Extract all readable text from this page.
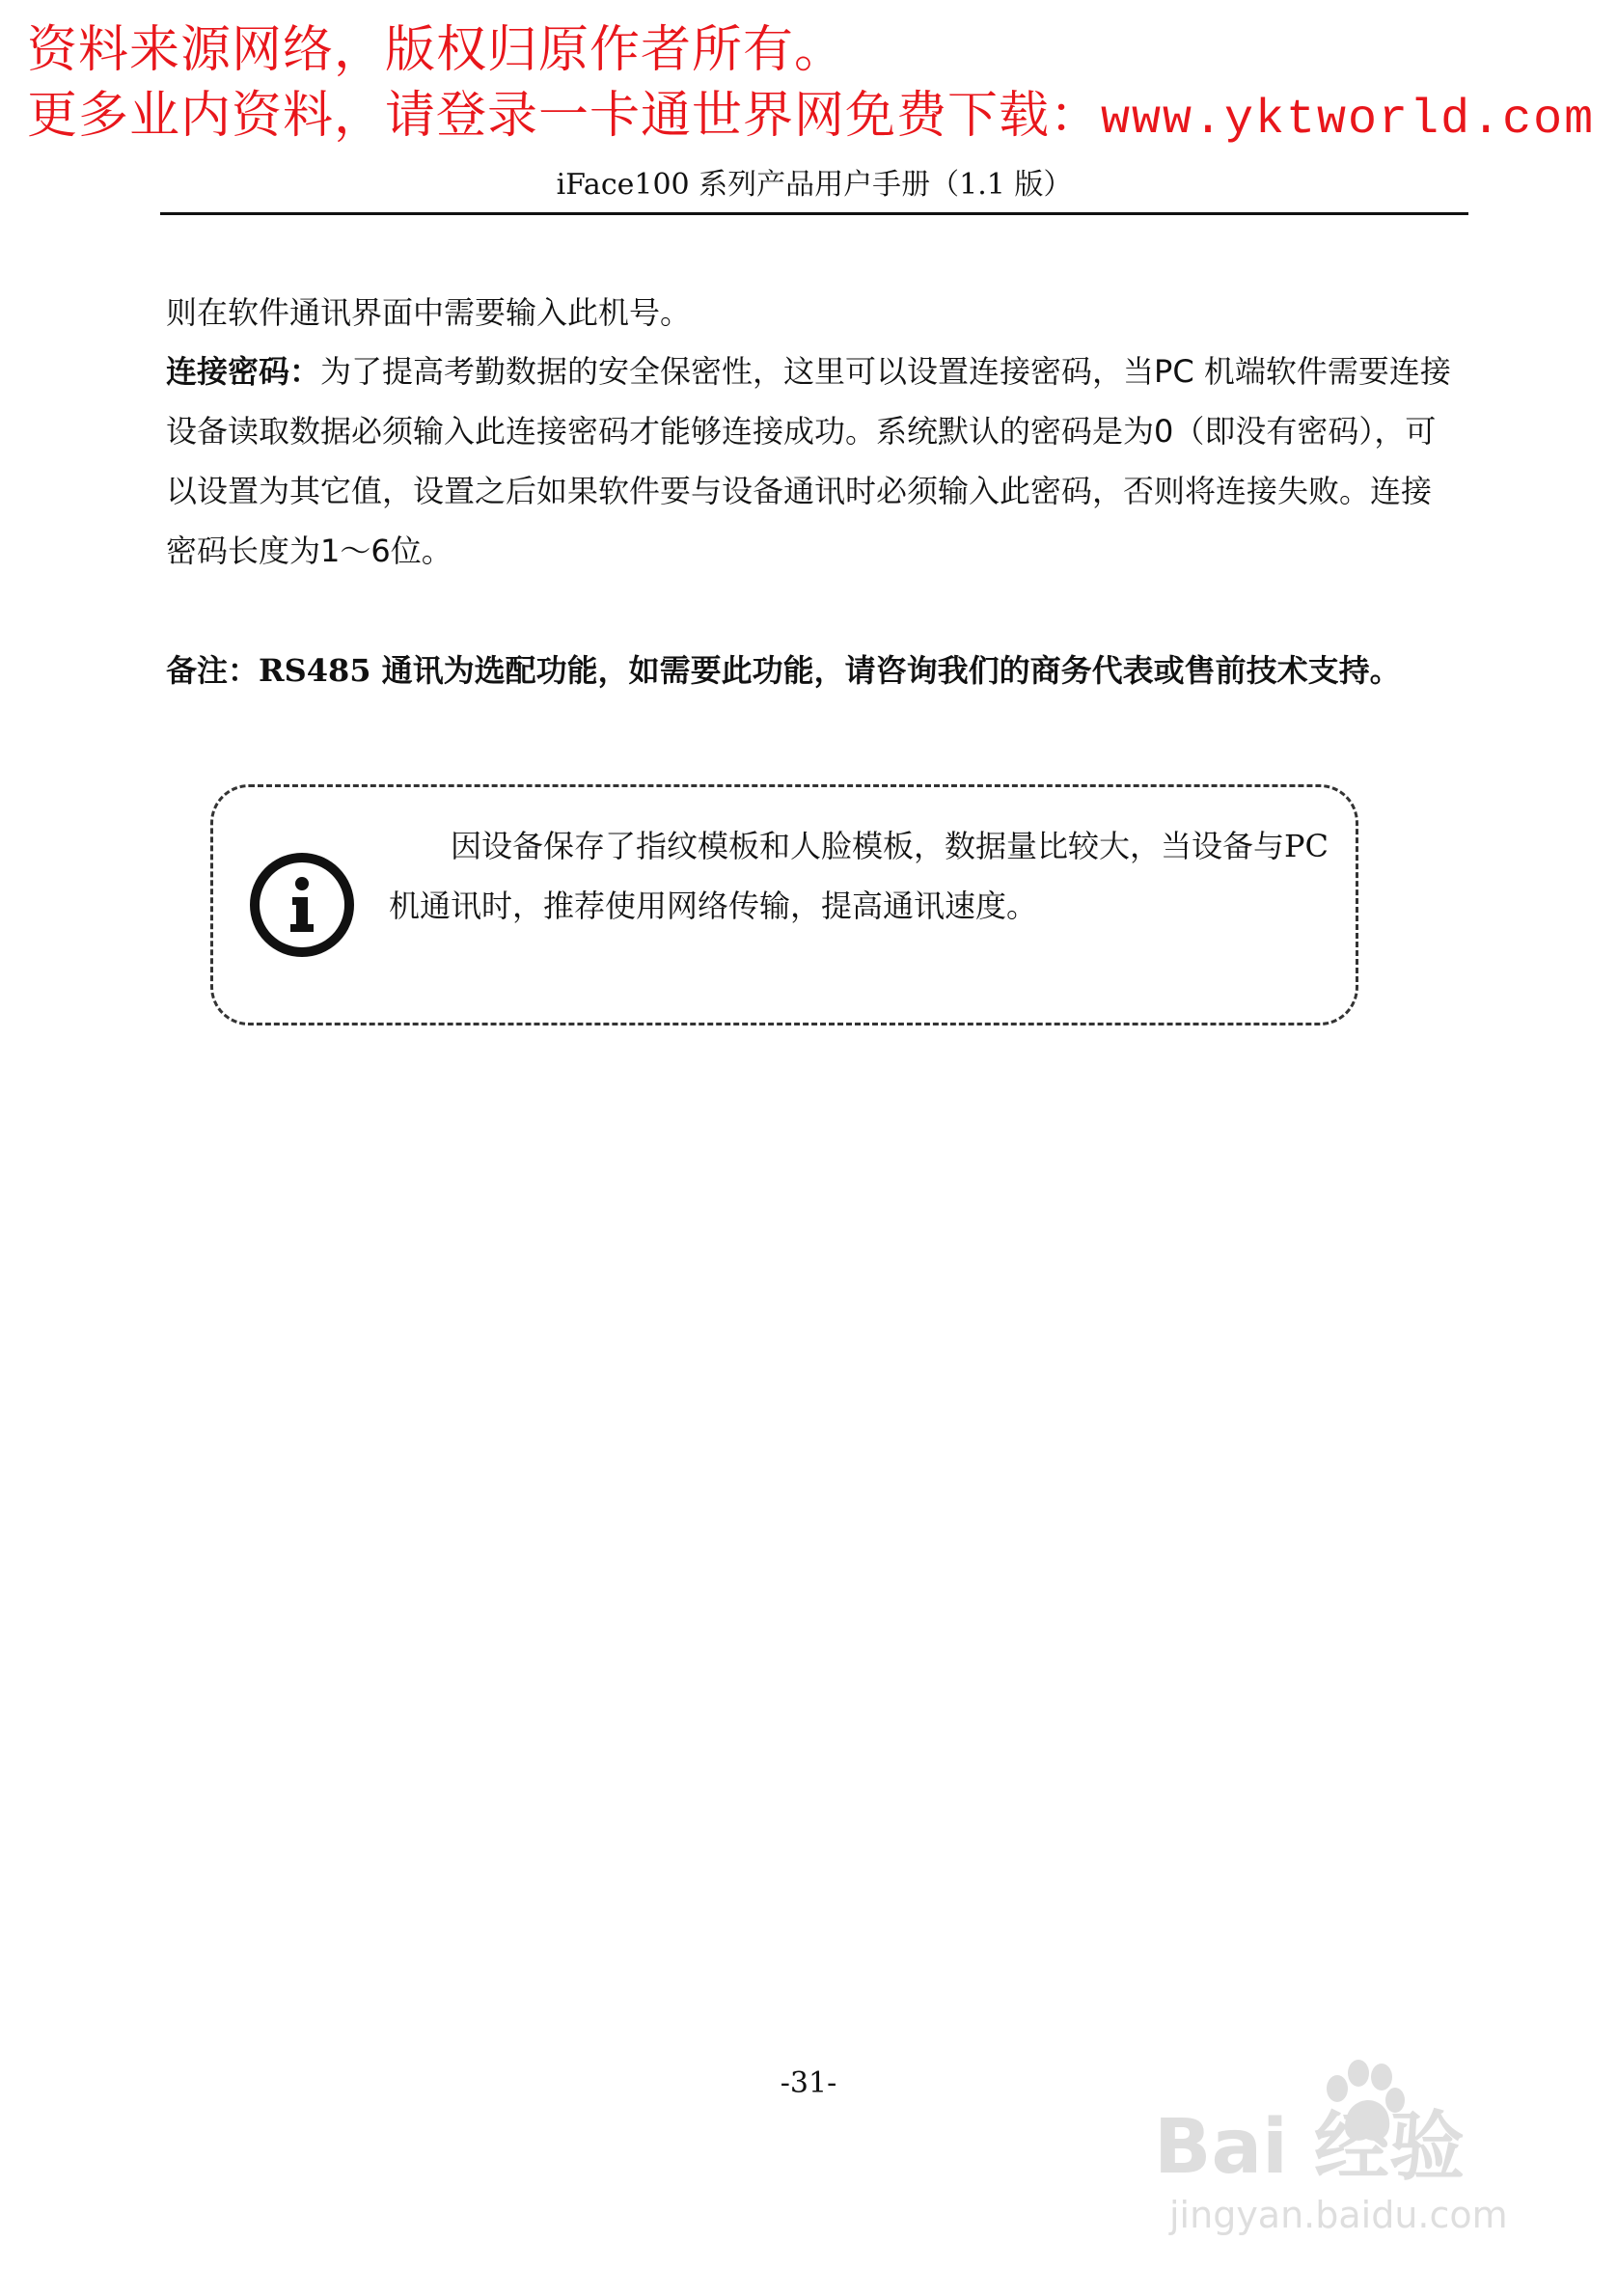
资料来源网络，版权归原作者所有。
更多业内资料，请登录一卡通世界网免费下载：www.yktworld.com
iFace100 系列产品用户手册（1.1 版）
则在软件通讯界面中需要输入此机号。
连接密码：为了提高考勤数据的安全保密性，这里可以设置连接密码，当PC 机端软件需要连接设备读取数据必须输入此连接密码才能够连接成功。系统默认的密码是为0（即没有密码），可以设置为其它值，设置之后如果软件要与设备通讯时必须输入此密码，否则将连接失败。连接密码长度为1～6位。
备注：RS485 通讯为选配功能，如需要此功能，请咨询我们的商务代表或售前技术支持。
因设备保存了指纹模板和人脸模板，数据量比较大，当设备与PC机通讯时，推荐使用网络传输，提高通讯速度。
-31-
Bai 经验
jingyan.baidu.com
